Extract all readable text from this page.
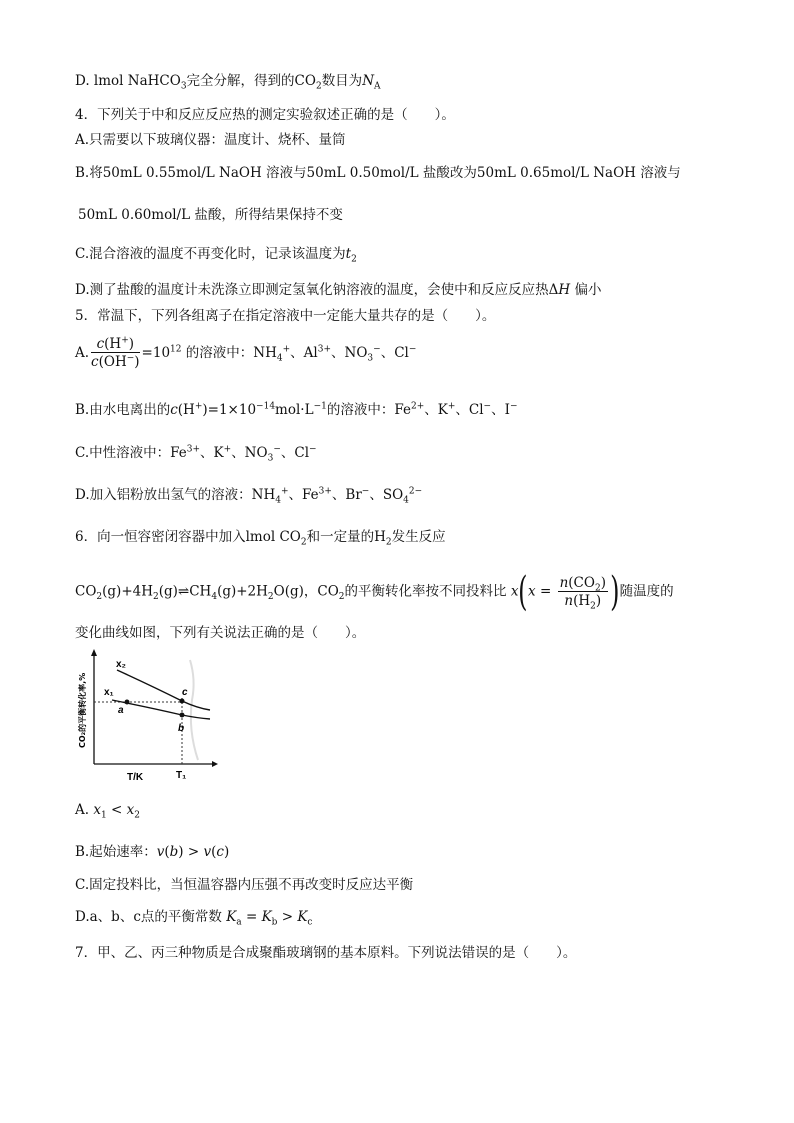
D. lmol NaHCO$_3$完全分解，得到的$CO_2$数目为$N_A$
4．下列关于中和反应反应热的测定实验叙述正确的是（　　）。
A.只需要以下玻璃仪器：温度计、烧杯、量筒
B.将50mL 0.55mol/L NaOH 溶液与50mL 0.50mol/L 盐酸改为50mL 0.65mol/L NaOH 溶液与
50mL 0.60mol/L 盐酸，所得结果保持不变
C.混合溶液的温度不再变化时，记录该温度为$t_2$
D.测了盐酸的温度计未洗涤立即测定氢氧化钠溶液的温度，会使中和反应反应热ΔH 偏小
5．常温下，下列各组离子在指定溶液中一定能大量共存的是（　　）。
A. $\frac{c(H^+)}{c(OH^-)} =10^{12}$ 的溶液中：$NH_4^+$、$Al^{3+}$、$NO_3^-$、Cl−
B.由水电离出的$c(H^+)=1\times 10^{-14}mol\cdot L^{-1}$的溶液中：$Fe^{2+}$、K+、Cl−、I−
C.中性溶液中：$Fe^{3+}$、K+、$NO_3^-$、Cl−
D.加入铝粉放出氢气的溶液：$NH_4^+$、$Fe^{3+}$、Br−、$SO_4^{2-}$
6．向一恒容密闭容器中加入lmol $CO_2$和一定量的$H_2$发生反应
$CO_2(g)+4H_2(g)\rightleftharpoons CH_4(g)+2H_2O(g)$，$CO_2$的平衡转化率按不同投料比 $x(x = \frac{n(CO_2)}{n(H_2)}$ )随温度的
变化曲线如图，下列有关说法正确的是（　　）。
x₂
x₁
a
b
c
T/K	T₁
CO₂的平衡转化率,%
A. $x_1 < x_2$
B.起始速率：v(b) > v(c)
C.固定投料比，当恒温容器内压强不再改变时反应达平衡
D.a、b、c点的平衡常数 $K_a = K_b > K_c$
7．甲、乙、丙三种物质是合成聚酯玻璃钢的基本原料。下列说法错误的是（　　）。
